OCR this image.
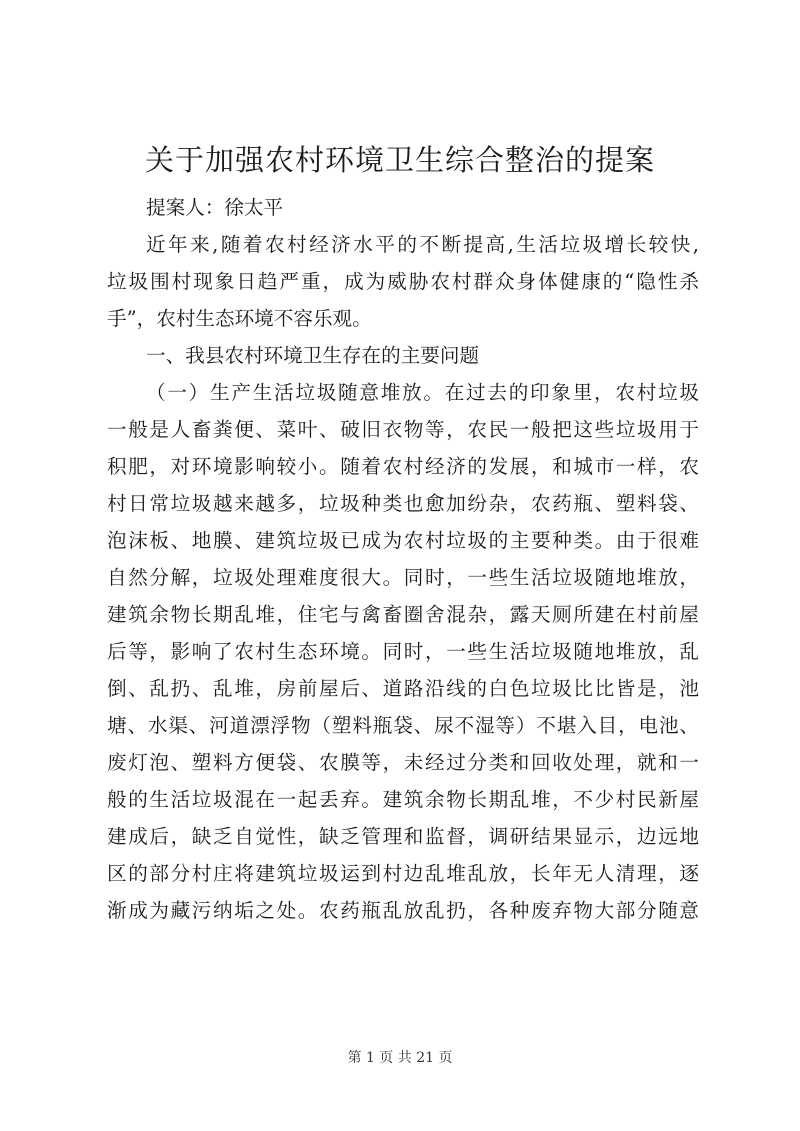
关于加强农村环境卫生综合整治的提案
提案人：徐太平
近年来,随着农村经济水平的不断提高,生活垃圾增长较快,
垃圾围村现象日趋严重，成为威胁农村群众身体健康的“隐性杀
手”，农村生态环境不容乐观。
一、我县农村环境卫生存在的主要问题
（一）生产生活垃圾随意堆放。在过去的印象里，农村垃圾
一般是人畜粪便、菜叶、破旧衣物等，农民一般把这些垃圾用于
积肥，对环境影响较小。随着农村经济的发展，和城市一样，农
村日常垃圾越来越多，垃圾种类也愈加纷杂，农药瓶、塑料袋、
泡沫板、地膜、建筑垃圾已成为农村垃圾的主要种类。由于很难
自然分解，垃圾处理难度很大。同时，一些生活垃圾随地堆放，
建筑余物长期乱堆，住宅与禽畜圈舍混杂，露天厕所建在村前屋
后等，影响了农村生态环境。同时，一些生活垃圾随地堆放，乱
倒、乱扔、乱堆，房前屋后、道路沿线的白色垃圾比比皆是，池
塘、水渠、河道漂浮物（塑料瓶袋、尿不湿等）不堪入目，电池、
废灯泡、塑料方便袋、农膜等，未经过分类和回收处理，就和一
般的生活垃圾混在一起丢弃。建筑余物长期乱堆，不少村民新屋
建成后，缺乏自觉性，缺乏管理和监督，调研结果显示，边远地
区的部分村庄将建筑垃圾运到村边乱堆乱放，长年无人清理，逐
渐成为藏污纳垢之处。农药瓶乱放乱扔，各种废弃物大部分随意
第 1 页 共 21 页
